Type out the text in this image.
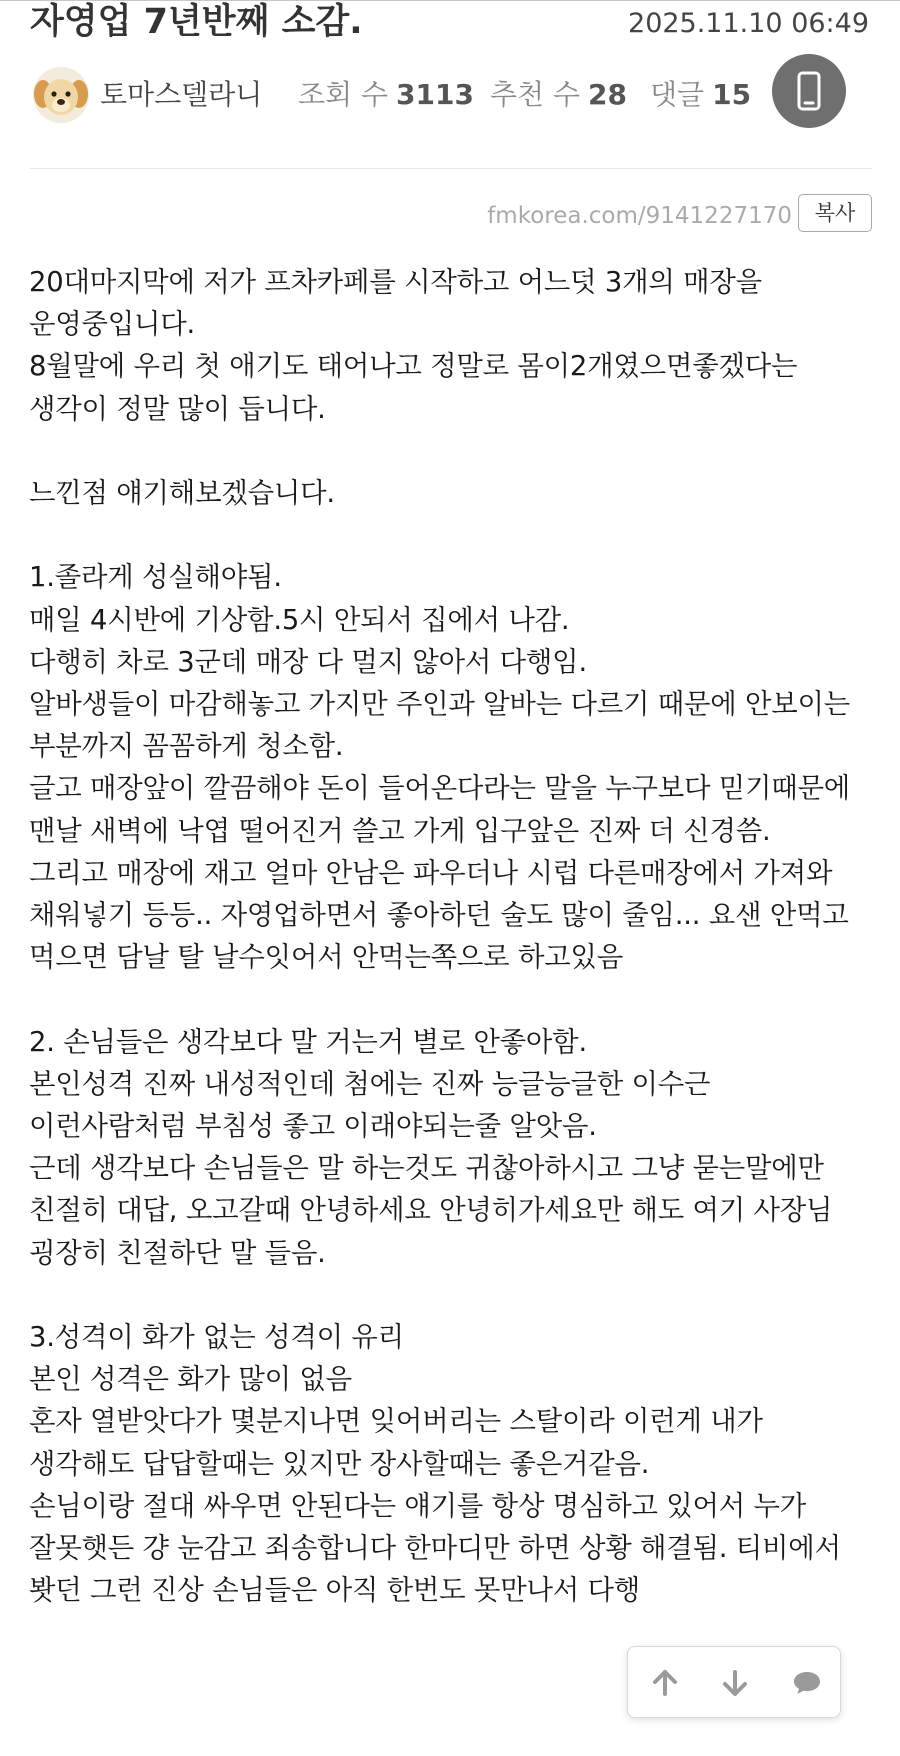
자영업 7년반째 소감.	2025.11.10 06:49
토마스델라니 조회 수 3113 추천 수 28 댓글 15
fmkorea.com/9141227170	복사

20대마지막에 저가 프차카페를 시작하고 어느덧 3개의 매장을 운영중입니다.

8월말에 우리 첫 애기도 태어나고 정말로 몸이2개였으면좋겠다는 생각이 정말 많이 듭니다.

느낀점 얘기해보겠습니다.

1.졸라게 성실해야됨.

매일 4시반에 기상함.5시 안되서 집에서 나감.

다행히 차로 3군데 매장 다 멀지 않아서 다행임.

알바생들이 마감해놓고 가지만 주인과 알바는 다르기 때문에 안보이는 부분까지 꼼꼼하게 청소함.

글고 매장앞이 깔끔해야 돈이 들어온다라는 말을 누구보다 믿기때문에 맨날 새벽에 낙엽 떨어진거 쓸고 가게 입구앞은 진짜 더 신경씀.

그리고 매장에 재고 얼마 안남은 파우더나 시럽 다른매장에서 가져와 채워넣기 등등.. 자영업하면서 좋아하던 술도 많이 줄임... 요샌 안먹고 먹으면 담날 탈 날수잇어서 안먹는쪽으로 하고있음

2. 손님들은 생각보다 말 거는거 별로 안좋아함.

본인성격 진짜 내성적인데 첨에는 진짜 능글능글한 이수근 이런사람처럼 부침성 좋고 이래야되는줄 알앗음.

근데 생각보다 손님들은 말 하는것도 귀찮아하시고 그냥 묻는말에만 친절히 대답, 오고갈때 안녕하세요 안녕히가세요만 해도 여기 사장님 굉장히 친절하단 말 들음.

3.성격이 화가 없는 성격이 유리

본인 성격은 화가 많이 없음

혼자 열받앗다가 몇분지나면 잊어버리는 스탈이라 이런게 내가 생각해도 답답할때는 있지만 장사할때는 좋은거같음.

손님이랑 절대 싸우면 안된다는 얘기를 항상 명심하고 있어서 누가 잘못햇든 걍 눈감고 죄송합니다 한마디만 하면 상황 해결됨. 티비에서 봣던 그런 진상 손님들은 아직 한번도 못만나서 다행
